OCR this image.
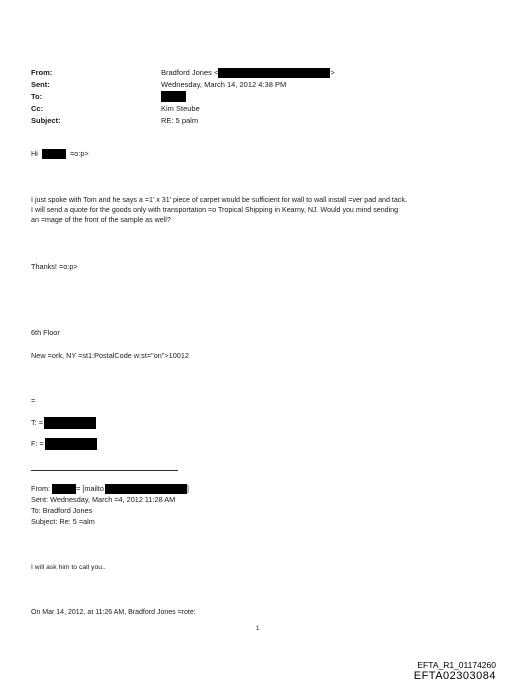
From:	Bradford Jones <	>
Sent:	Wednesday, March 14, 2012 4:38 PM
To:
Cc:	Kim Steube
Subject:	RE: 5 palm
Hi	=o:p>
I just spoke with Tom and he says a =1' x 31' piece of carpet would be sufficient for wall to wall install =ver pad and tack.
I will send a quote for the goods only with transportation =o Tropical Shipping in Kearny, NJ. Would you mind sending
an =mage of the front of the sample as well?
Thanks! =o:p>
6th Floor
New =ork, NY =st1:PostalCode w:st="on">10012
=
T: =
F: =
From:	= [mailto	]
Sent: Wednesday, March =4, 2012 11:28 AM
To: Bradford Jones
Subject: Re: 5 =alm
I will ask him to call you..
On Mar 14, 2012, at 11:26 AM, Bradford Jones =rote:
1
EFTA_R1_01174260
EFTA02303084
